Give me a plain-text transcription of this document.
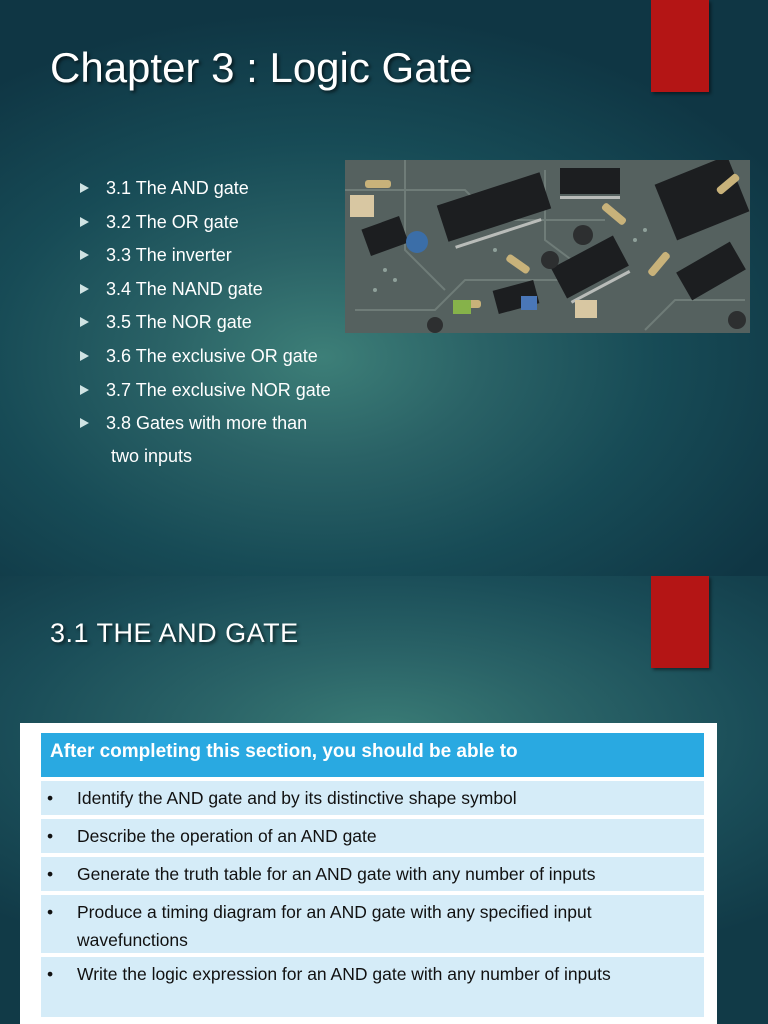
Chapter 3 : Logic Gate
3.1 The AND gate
3.2 The OR gate
3.3 The inverter
3.4 The NAND gate
3.5 The NOR gate
3.6 The exclusive OR gate
3.7 The exclusive NOR gate
3.8 Gates with more than
two inputs
3.1 THE AND GATE
After completing this section, you should be able to
• Identify the AND gate and by its distinctive shape symbol
• Describe the operation of an AND gate
• Generate the truth table for an AND gate with any number of inputs
• Produce a timing diagram for an AND gate with any specified input wavefunctions
• Write the logic expression for an AND gate with any number of inputs
